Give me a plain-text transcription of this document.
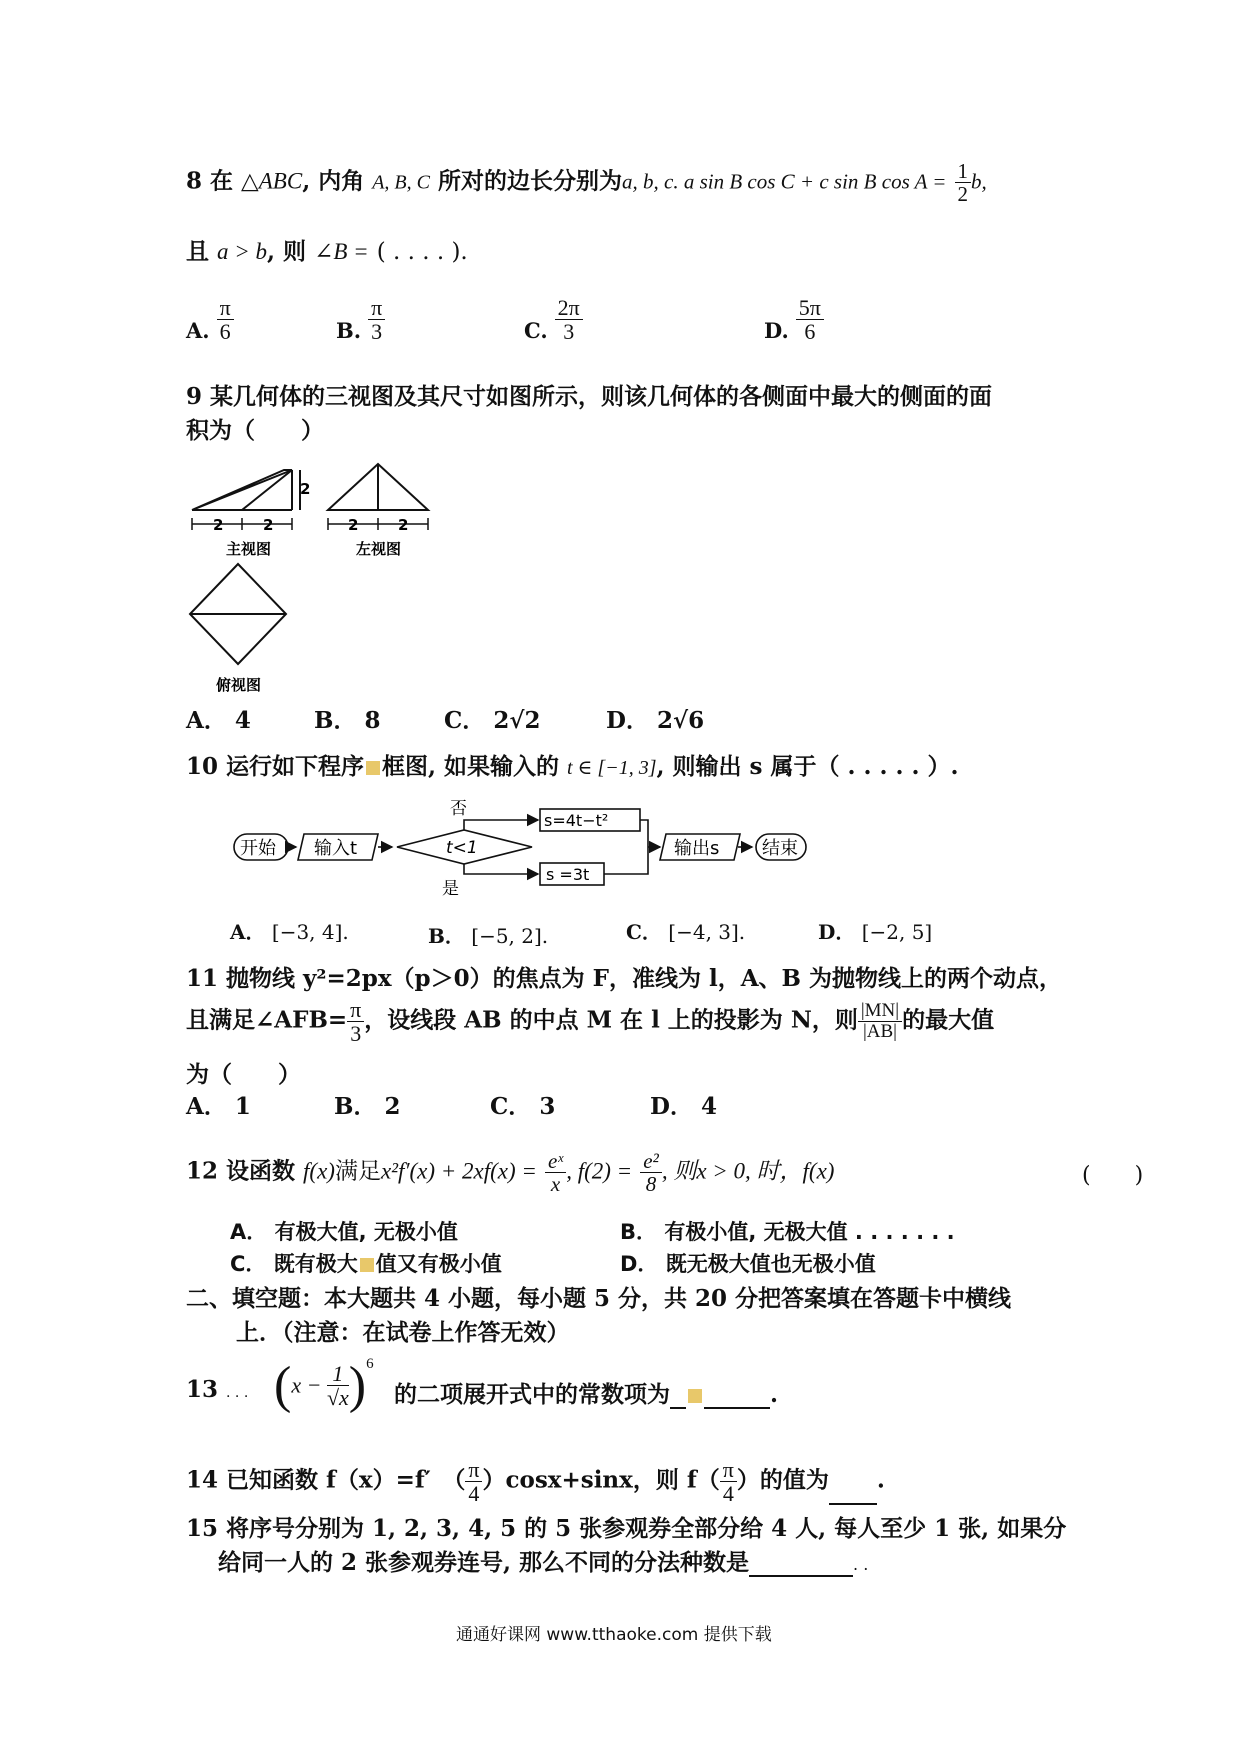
8 在 △ABC, 内角 A, B, C 所对的边长分别为a, b, c. a sin B cos C + c sin B $\cos A = \frac{1}{2} b$,
且 a > b, 则 ∠B = ( . . . . ).
A. $\frac{\pi}{6}$	B. $\frac{\pi}{3}$	C. $\frac{2\pi}{3}$	D. $\frac{5\pi}{6}$
9 某几何体的三视图及其尺寸如图所示，则该几何体的各侧面中最大的侧面的面
积为（　　）
2
2	2
主视图
2	2
左视图
俯视图
A． 4	B． 8	C． 2√2	D． 2√6
10 运行如下程序 框图, 如果输入的 t ∈ [−1, 3], 则输出 s 属于（ . . . . . ）.
开始 输入t	t<1
否
是
s=4t−t²
s =3t
输出s 结束
A． [−3, 4].	B． [−5, 2].	C． [−4, 3].	D． [−2, 5]
11 抛物线 y²=2px（p＞0）的焦点为 F，准线为 l，A、B 为抛物线上的两个动点，
且满足∠AFB= $\frac{\pi}{3}$ ，设线段 AB 的中点 M 在 l 上的投影为 N，则 $\frac{|MN|}{|AB|}$ 的最大值
为（　　）
A． 1	B． 2	C． 3	D． 4
12 设函数 f(x)满足$x^2f'(x) + 2xf(x) = \frac{\text{eˣ}}{x}$ , $f(2) = \frac{\text{e²}}{8}$ , 则x > 0, 时，f(x)	(　　)
A． 有极大值, 无极小值	B． 有极小值, 无极大值 . . . . . . .
C． 既有极大 值又有极小值	D． 既无极大值也无极小值
二、填空题：本大题共 4 小题，每小题 5 分，共 20 分把答案填在答题卡中横线
上．（注意：在试卷上作答无效）
13 . . . $(x - \frac{1}{√x} )^6$
的二项展开式中的常数项为	.
14 已知函数 f（x）=f′　（ $\frac{\pi}{4} )\cos x+\sin x$，则 $f( \frac{\pi}{4}$ ）的值为 .
15 将序号分别为 1, 2, 3, 4, 5 的 5 张参观券全部分给 4 人, 每人至少 1 张, 如果分
给同一人的 2 张参观券连号, 那么不同的分法种数是	. .
通通好课网 www.tthaoke.com 提供下载
